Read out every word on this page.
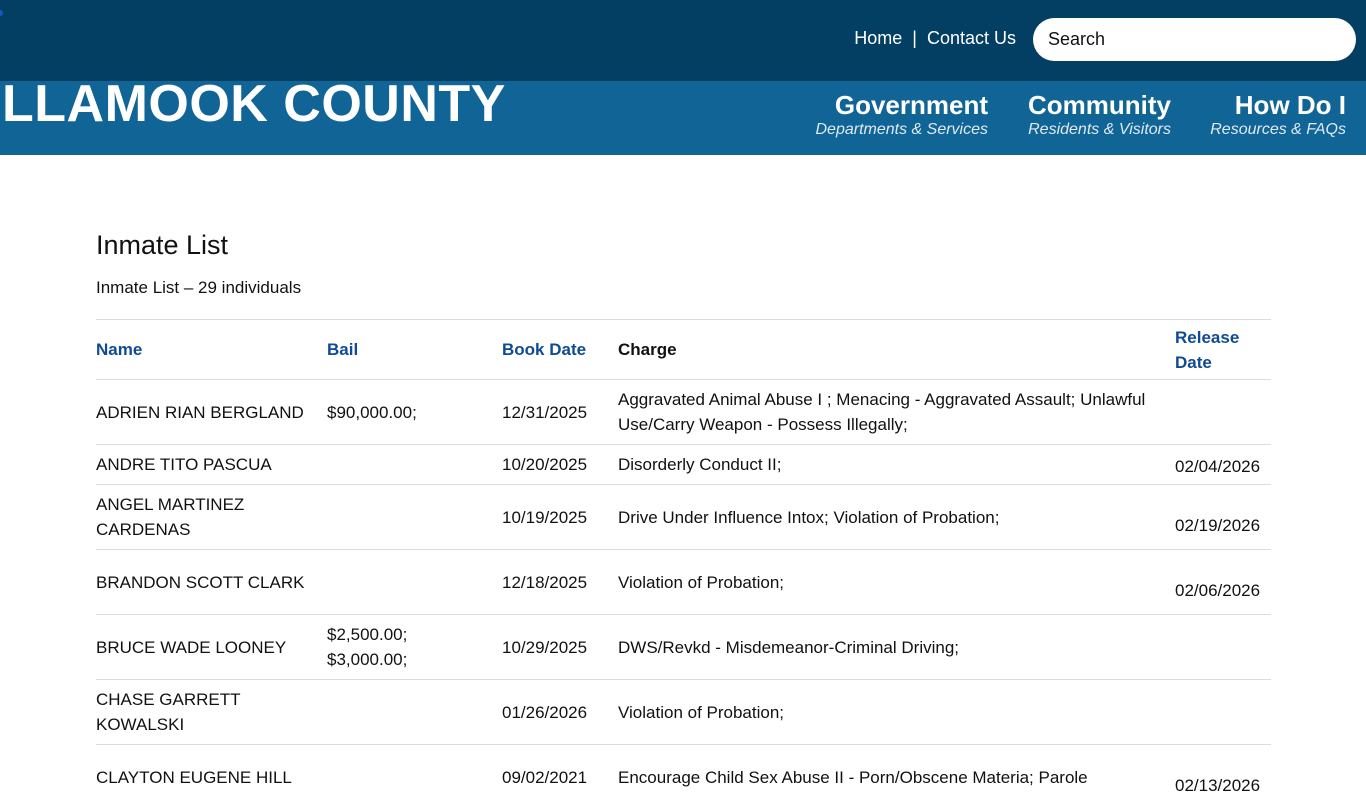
Home | Contact Us
Search
LLAMOOK COUNTY	Government
Departments & Services
Community
Residents & Visitors
How Do I
Resources & FAQs
Inmate List

Inmate List – 29 individuals

Name	Bail	Book Date	Charge	Release Date
ADRIEN RIAN BERGLAND	$90,000.00;	12/31/2025	Aggravated Animal Abuse I ; Menacing - Aggravated Assault; Unlawful Use/Carry Weapon - Possess Illegally;	
ANDRE TITO PASCUA		10/20/2025	Disorderly Conduct II;	02/04/2026
ANGEL MARTINEZ CARDENAS		10/19/2025	Drive Under Influence Intox; Violation of Probation;	02/19/2026
BRANDON SCOTT CLARK		12/18/2025	Violation of Probation;	02/06/2026
BRUCE WADE LOONEY	$2,500.00; $3,000.00;	10/29/2025	DWS/Revkd - Misdemeanor-Criminal Driving;	
CHASE GARRETT KOWALSKI		01/26/2026	Violation of Probation;	
CLAYTON EUGENE HILL		09/02/2021	Encourage Child Sex Abuse II - Porn/Obscene Materia; Parole	02/13/2026
